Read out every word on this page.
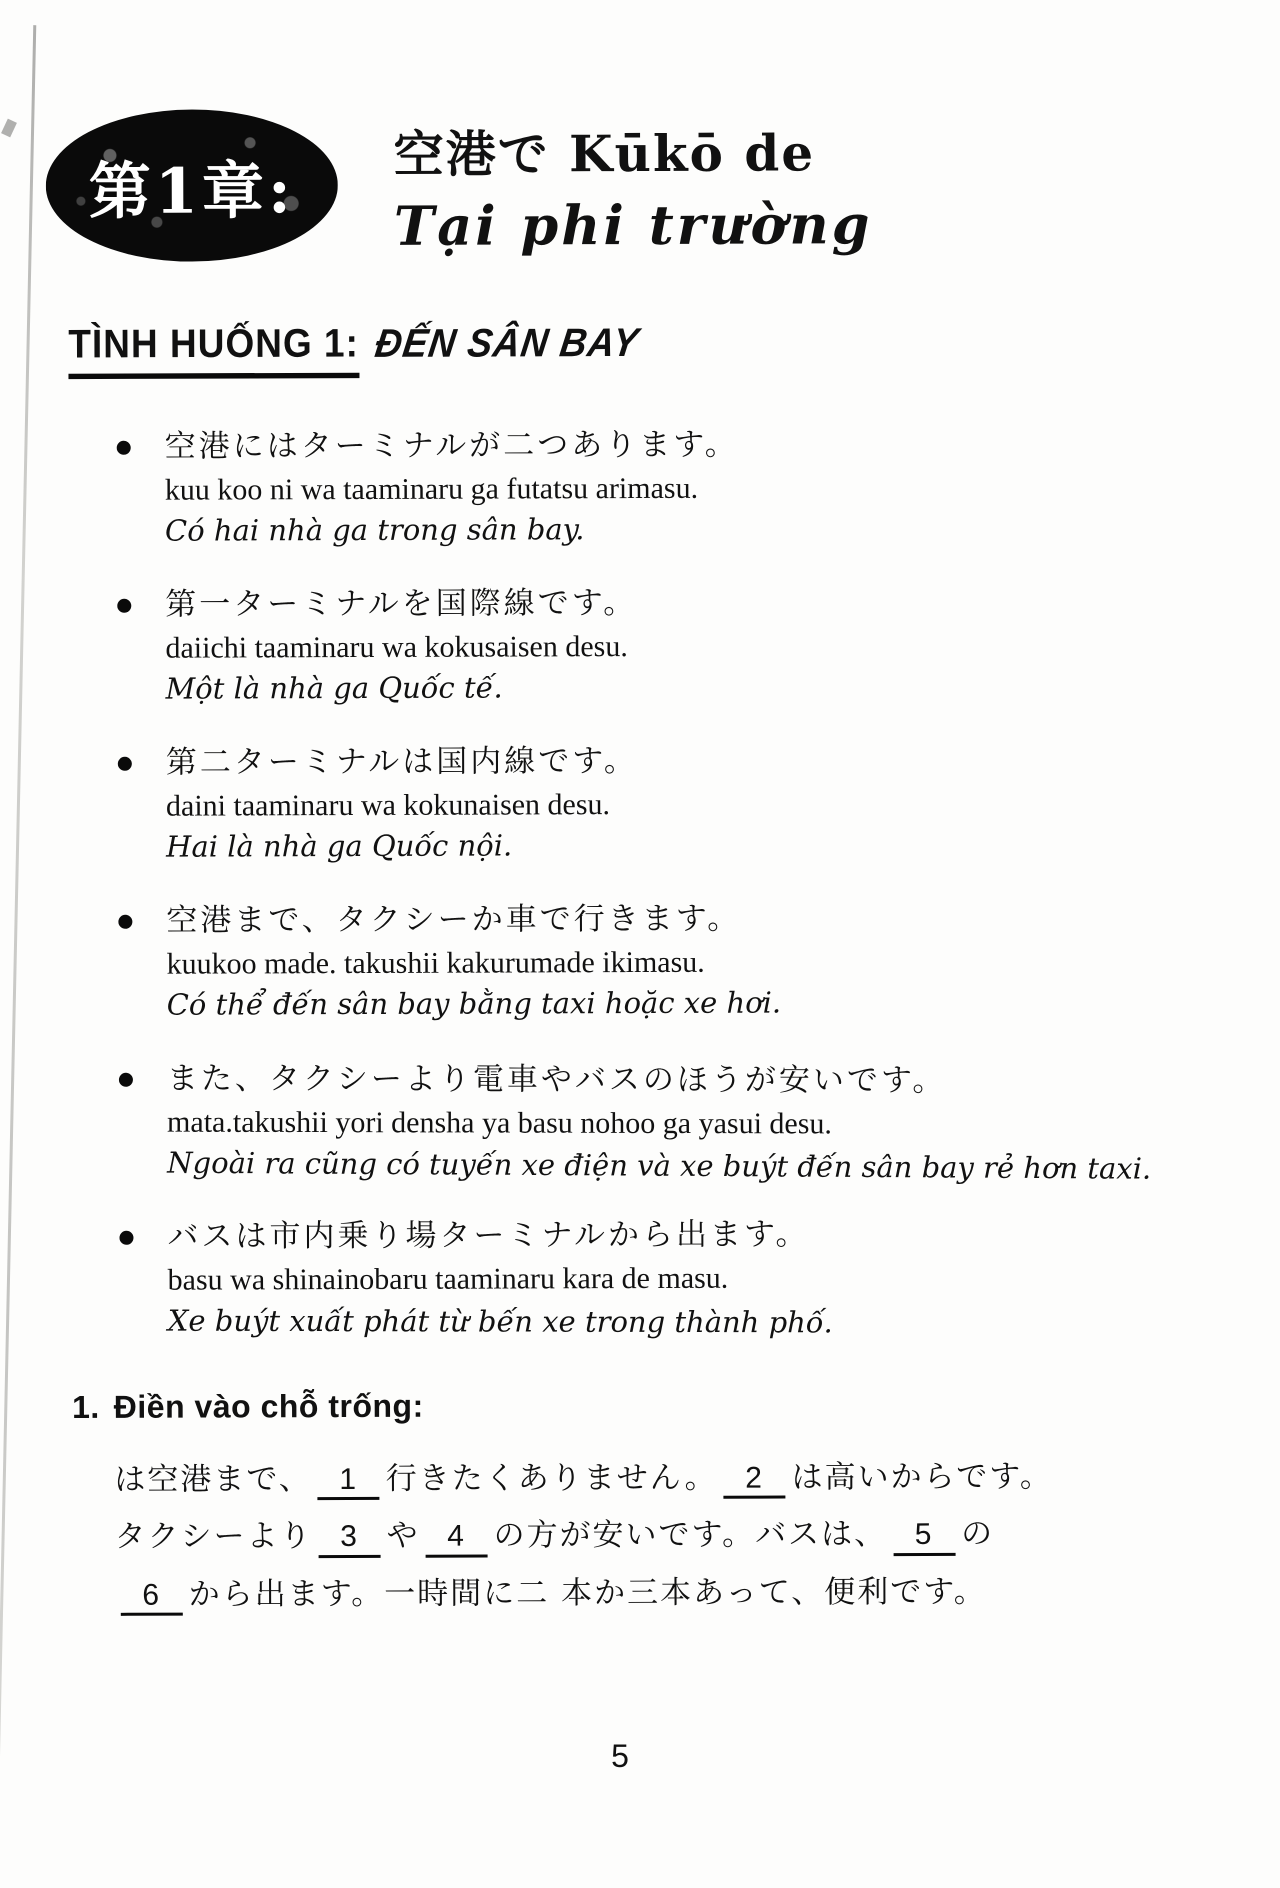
第1章:
空港で Kūkō de
Tại phi trường
TÌNH HUỐNG 1: ĐẾN SÂN BAY
空港にはターミナルが二つあります。
kuu koo ni wa taaminaru ga futatsu arimasu.
Có hai nhà ga trong sân bay.
第一ターミナルを国際線です。
daiichi taaminaru wa kokusaisen desu.
Một là nhà ga Quốc tế.
第二ターミナルは国内線です。
daini taaminaru wa kokunaisen desu.
Hai là nhà ga Quốc nội.
空港まで、タクシーか車で行きます。
kuukoo made. takushii kakurumade ikimasu.
Có thể đến sân bay bằng taxi hoặc xe hơi.
また、タクシーより電車やバスのほうが安いです。
mata.takushii yori densha ya basu nohoo ga yasui desu.
Ngoài ra cũng có tuyến xe điện và xe buýt đến sân bay rẻ hơn taxi.
バスは市内乗り場ターミナルから出ます。
basu wa shinainobaru taaminaru kara de masu.
Xe buýt xuất phát từ bến xe trong thành phố.
1. Điền vào chỗ trống:

は空港まで、 1 行きたくありません。 2 は高いからです。

タクシーより 3 や 4 の方が安いです。バスは、 5 の

6 から出ます。一時間に二 本か三本あって、便利です。

5
